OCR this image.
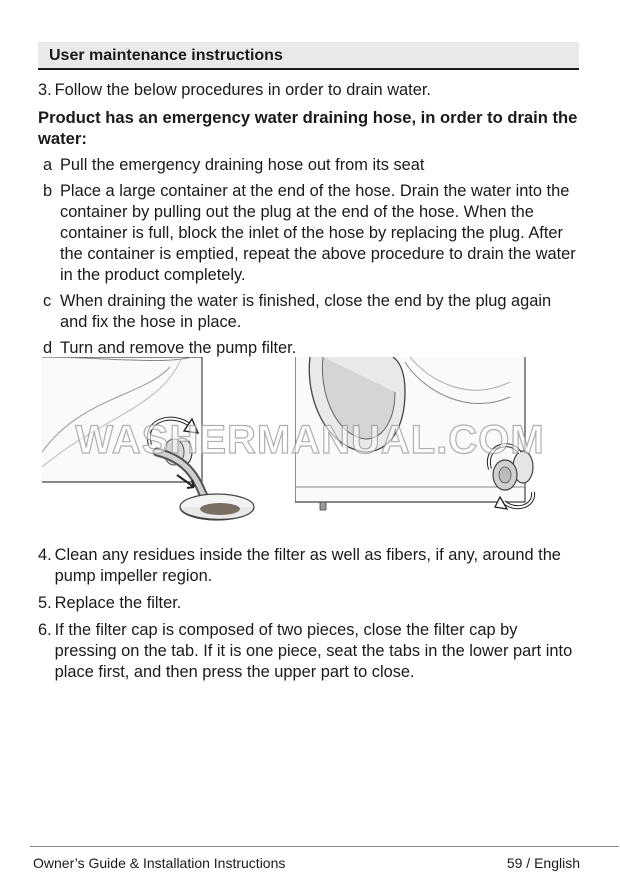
User maintenance instructions
3. Follow the below procedures in order to drain water.
Product has an emergency water draining hose, in order to drain the water:
a Pull the emergency draining hose out from its seat
b Place a large container at the end of the hose. Drain the water into the container by pulling out the plug at the end of the hose. When the container is full, block the inlet of the hose by replacing the plug. After the container is emptied, repeat the above procedure to drain the water in the product completely.
c When draining the water is finished, close the end by the plug again and fix the hose in place.
d Turn and remove the pump filter.
WASHERMANUAL.COM
4. Clean any residues inside the filter as well as fibers, if any, around the pump impeller region.
5. Replace the filter.
6. If the filter cap is composed of two pieces, close the filter cap by pressing on the tab. If it is one piece, seat the tabs in the lower part into place first, and then press the upper part to close.
Owner’s Guide & Installation Instructions	59 / English
